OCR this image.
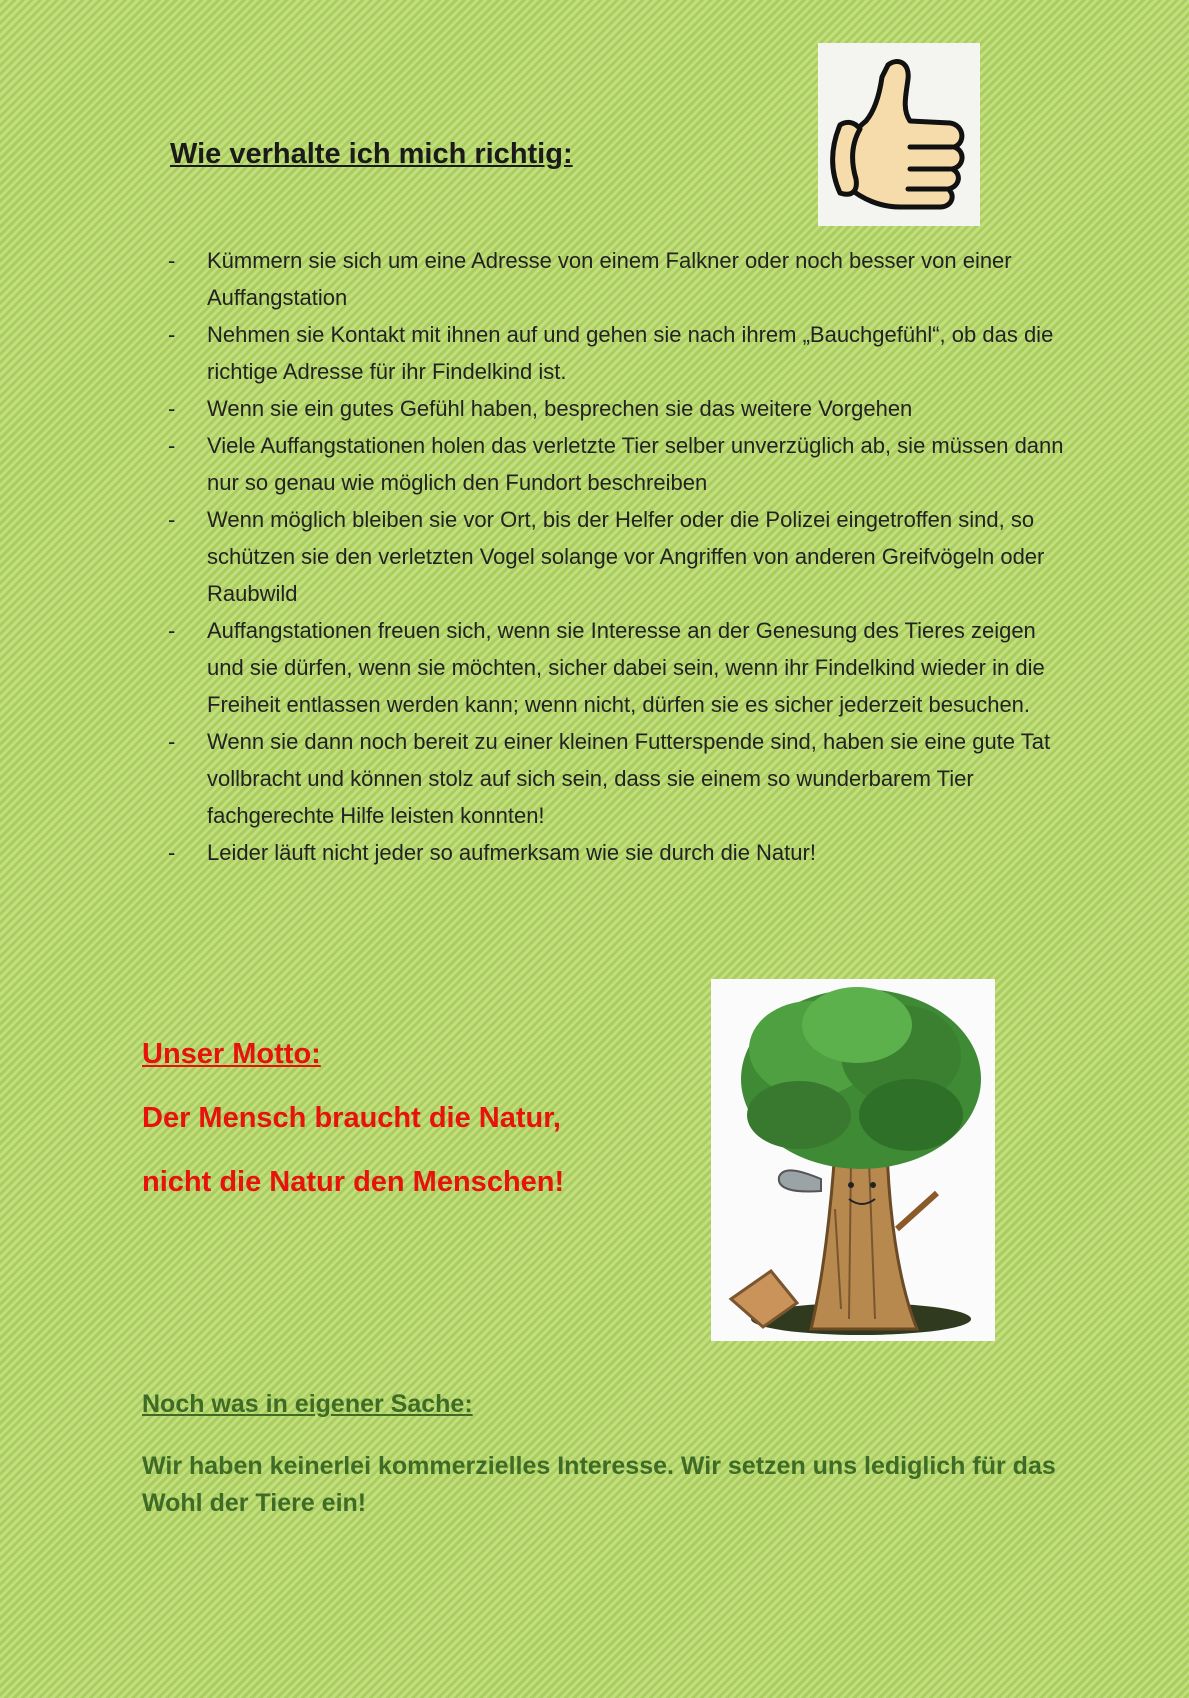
Wie verhalte ich mich richtig:
- Kümmern sie sich um eine Adresse von einem Falkner oder noch besser von einer Auffangstation
- Nehmen sie Kontakt mit ihnen auf und gehen sie nach ihrem „Bauchgefühl“, ob das die richtige Adresse für ihr Findelkind ist.
- Wenn sie ein gutes Gefühl haben, besprechen sie das weitere Vorgehen
- Viele Auffangstationen holen das verletzte Tier selber unverzüglich ab, sie müssen dann nur so genau wie möglich den Fundort beschreiben
- Wenn möglich bleiben sie vor Ort, bis der Helfer oder die Polizei eingetroffen sind, so schützen sie den verletzten Vogel solange vor Angriffen von anderen Greifvögeln oder Raubwild
- Auffangstationen freuen sich, wenn sie Interesse an der Genesung des Tieres zeigen und sie dürfen, wenn sie möchten, sicher dabei sein, wenn ihr Findelkind wieder in die Freiheit entlassen werden kann; wenn nicht, dürfen sie es sicher jederzeit besuchen.
- Wenn sie dann noch bereit zu einer kleinen Futterspende sind, haben sie eine gute Tat vollbracht und können stolz auf sich sein, dass sie einem so wunderbarem Tier fachgerechte Hilfe leisten konnten!
- Leider läuft nicht jeder so aufmerksam wie sie durch die Natur!
Unser Motto:
Der Mensch braucht die Natur,
nicht die Natur den Menschen!
Noch was in eigener Sache:
Wir haben keinerlei kommerzielles Interesse. Wir setzen uns lediglich für das Wohl der Tiere ein!
